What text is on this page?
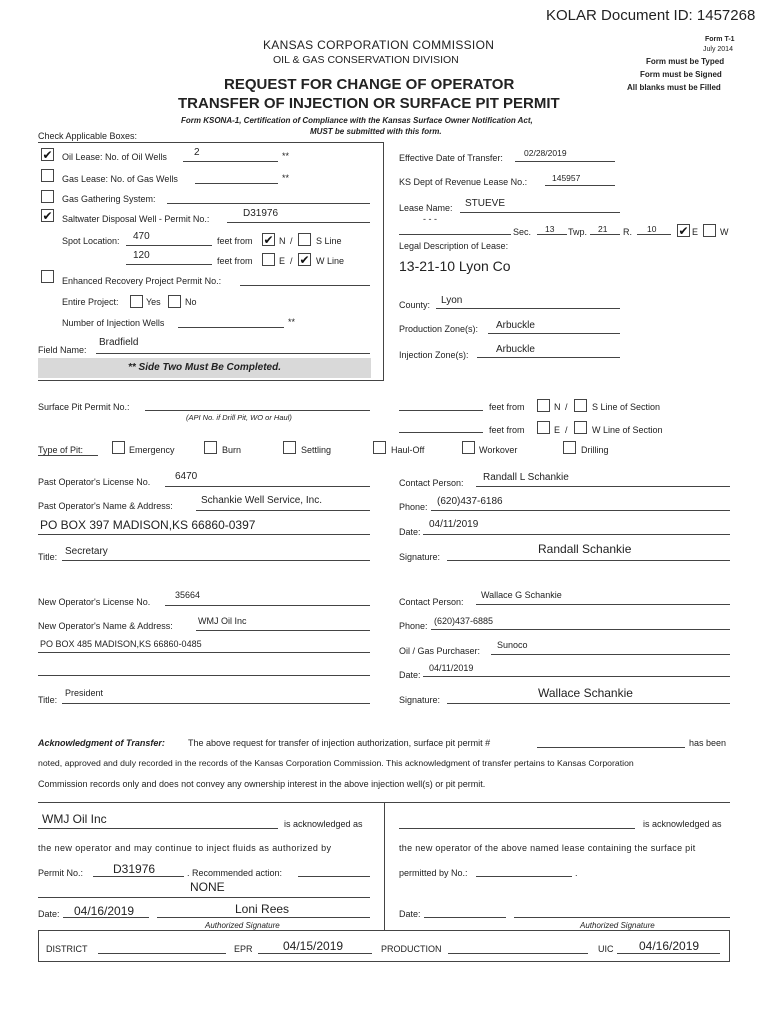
KOLAR Document ID: 1457268
KANSAS CORPORATION COMMISSION
OIL & GAS CONSERVATION DIVISION
Form T-1
July 2014
Form must be Typed
Form must be Signed
All blanks must be Filled
REQUEST FOR CHANGE OF OPERATOR
TRANSFER OF INJECTION OR SURFACE PIT PERMIT
Form KSONA-1, Certification of Compliance with the Kansas Surface Owner Notification Act,
MUST be submitted with this form.
Check Applicable Boxes:
✔ Oil Lease: No. of Oil Wells	2	**
Gas Lease: No. of Gas Wells	**
Gas Gathering System:
✔ Saltwater Disposal Well - Permit No.:	D31976
Spot Location: 470	feet from ✔ N /	S Line
120	feet from	E / ✔ W Line
Enhanced Recovery Project Permit No.:
Entire Project:	Yes	No
Number of Injection Wells	**
Field Name:
Bradfield
** Side Two Must Be Completed.
Effective Date of Transfer: 02/28/2019
KS Dept of Revenue Lease No.:	145957
Lease Name: STUEVE
- - -
Sec. 13 Twp. 21 R. 10 ✔ E W
Legal Description of Lease:
13-21-10 Lyon Co
County: Lyon
Production Zone(s): Arbuckle
Injection Zone(s):	Arbuckle
Surface Pit Permit No.:
(API No. if Drill Pit, WO or Haul)
feet from	N /	S Line of Section
feet from	E /	W Line of Section
Type of Pit:	Emergency	Burn	Settling	Haul-Off	Workover	Drilling
Past Operator's License No. 6470
Past Operator's Name & Address:	Schankie Well Service, Inc.
PO BOX 397 MADISON,KS 66860-0397
Title: Secretary
Contact Person: Randall L Schankie
Phone: (620)437-6186
Date:
04/11/2019
Signature:
Randall Schankie
New Operator's License No.
35664
New Operator's Name & Address:	WMJ Oil Inc
PO BOX 485 MADISON,KS 66860-0485
Title:
President
Contact Person:
Wallace G Schankie
Phone: (620)437-6885
Oil / Gas Purchaser:
Sunoco
Date:
04/11/2019
Signature:	Wallace Schankie
Acknowledgment of Transfer:	The above request for transfer of injection authorization, surface pit permit #	has been
noted, approved and duly recorded in the records of the Kansas Corporation Commission. This acknowledgment of transfer pertains to Kansas Corporation
Commission records only and does not convey any ownership interest in the above injection well(s) or pit permit.
WMJ Oil Inc	is acknowledged as
the new operator and may continue to inject fluids as authorized by
Permit No.: D31976	. Recommended action:
NONE
Date: 04/16/2019	Loni Rees
Authorized Signature
is acknowledged as
the new operator of the above named lease containing the surface pit
permitted by No.:	.
Date:
Authorized Signature
DISTRICT	EPR	04/15/2019	PRODUCTION	UIC 04/16/2019
